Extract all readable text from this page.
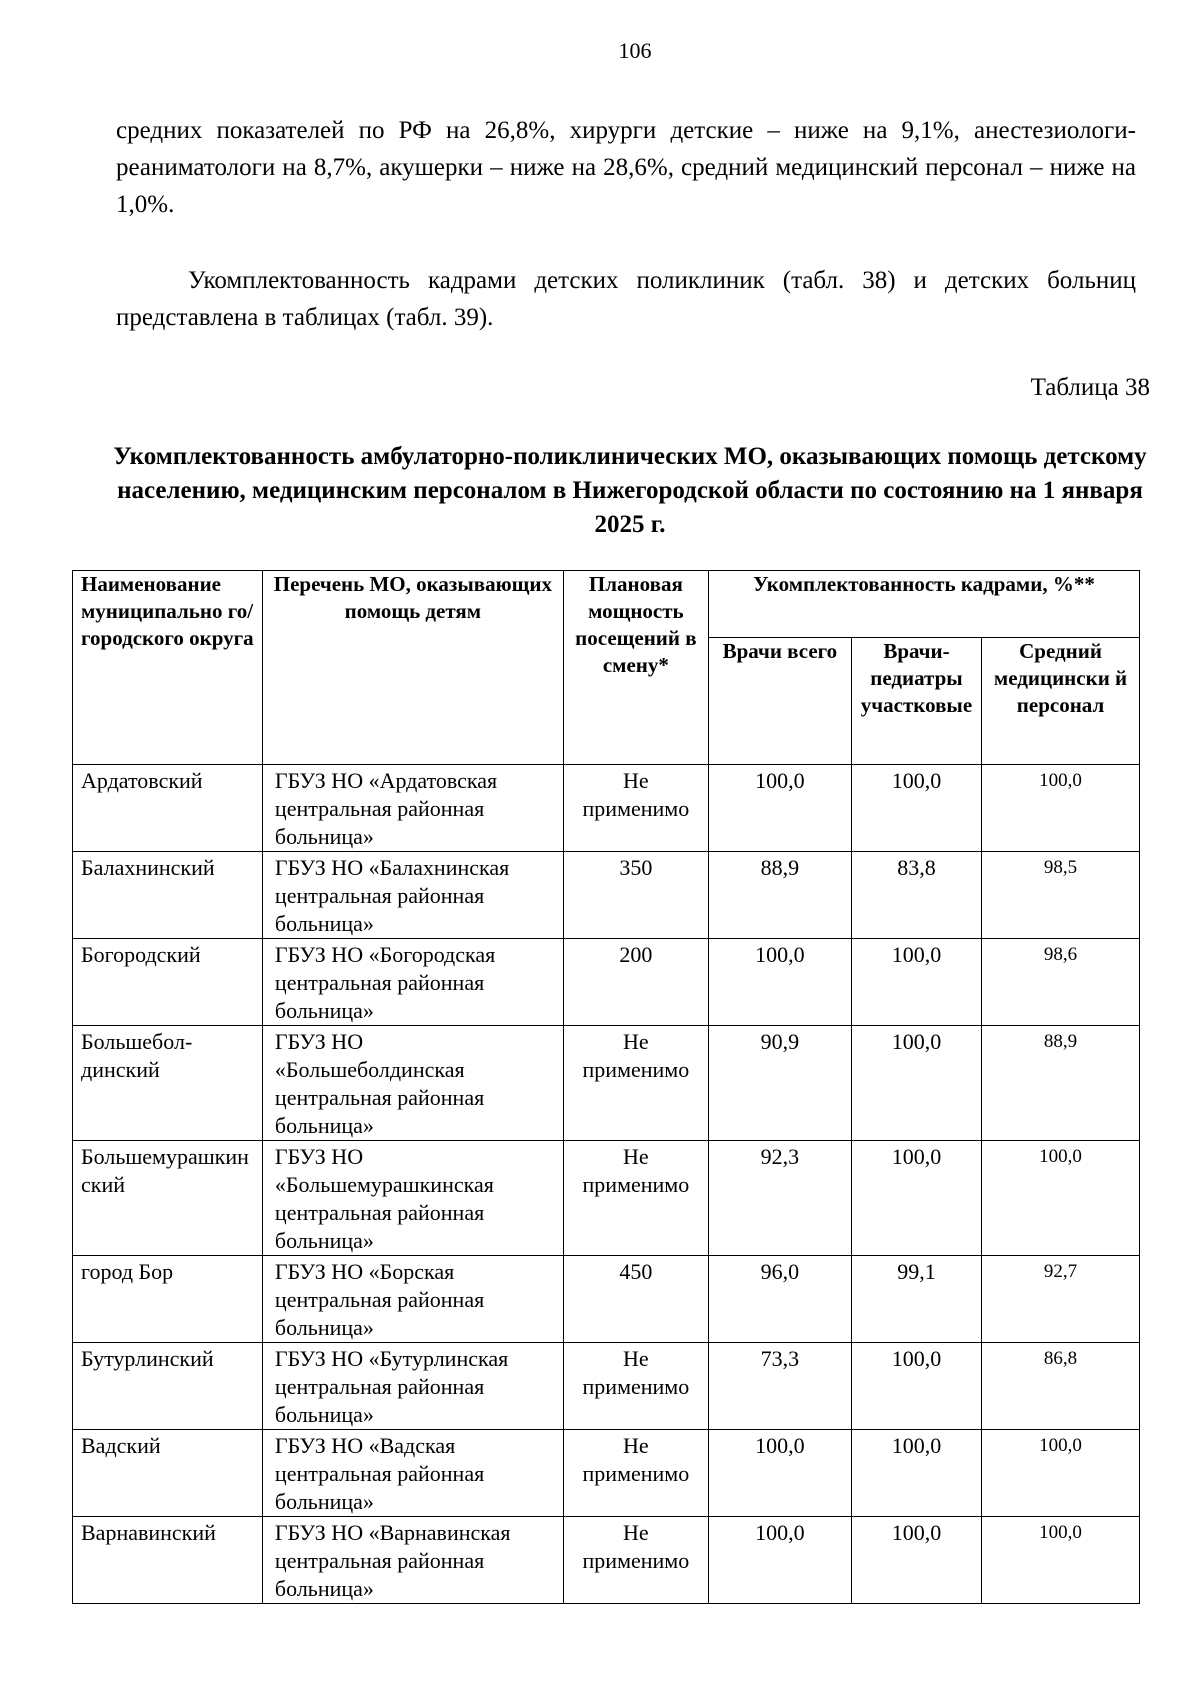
106
средних показателей по РФ на 26,8%, хирурги детские – ниже на 9,1%, анестезиологи-реаниматологи на 8,7%, акушерки – ниже на 28,6%, средний медицинский персонал – ниже на 1,0%.
Укомплектованность кадрами детских поликлиник (табл. 38) и детских больниц представлена в таблицах (табл. 39).
Таблица 38
Укомплектованность амбулаторно-поликлинических МО, оказывающих помощь детскому населению, медицинским персоналом в Нижегородской области по состоянию на 1 января 2025 г.
Наименование муниципально го/городского округа	Перечень МО, оказывающих помощь детям	Плановая мощность посещений в смену*	Укомплектованность кадрами, %**		
			Врачи всего	Врачи-педиатры участковые	Средний медицински й персонал
Ардатовский	ГБУЗ НО «Ардатовская центральная районная больница»	Не применимо	100,0	100,0	100,0
Балахнинский	ГБУЗ НО «Балахнинская центральная районная больница»	350	88,9	83,8	98,5
Богородский	ГБУЗ НО «Богородская центральная районная больница»	200	100,0	100,0	98,6
Большебол-динский	ГБУЗ НО «Большеболдинская центральная районная больница»	Не применимо	90,9	100,0	88,9
Большемурашкинский	ГБУЗ НО «Большемурашкинская центральная районная больница»	Не применимо	92,3	100,0	100,0
город Бор	ГБУЗ НО «Борская центральная районная больница»	450	96,0	99,1	92,7
Бутурлинский	ГБУЗ НО «Бутурлинская центральная районная больница»	Не применимо	73,3	100,0	86,8
Вадский	ГБУЗ НО «Вадская центральная районная больница»	Не применимо	100,0	100,0	100,0
Варнавинский	ГБУЗ НО «Варнавинская центральная районная больница»	Не применимо	100,0	100,0	100,0
